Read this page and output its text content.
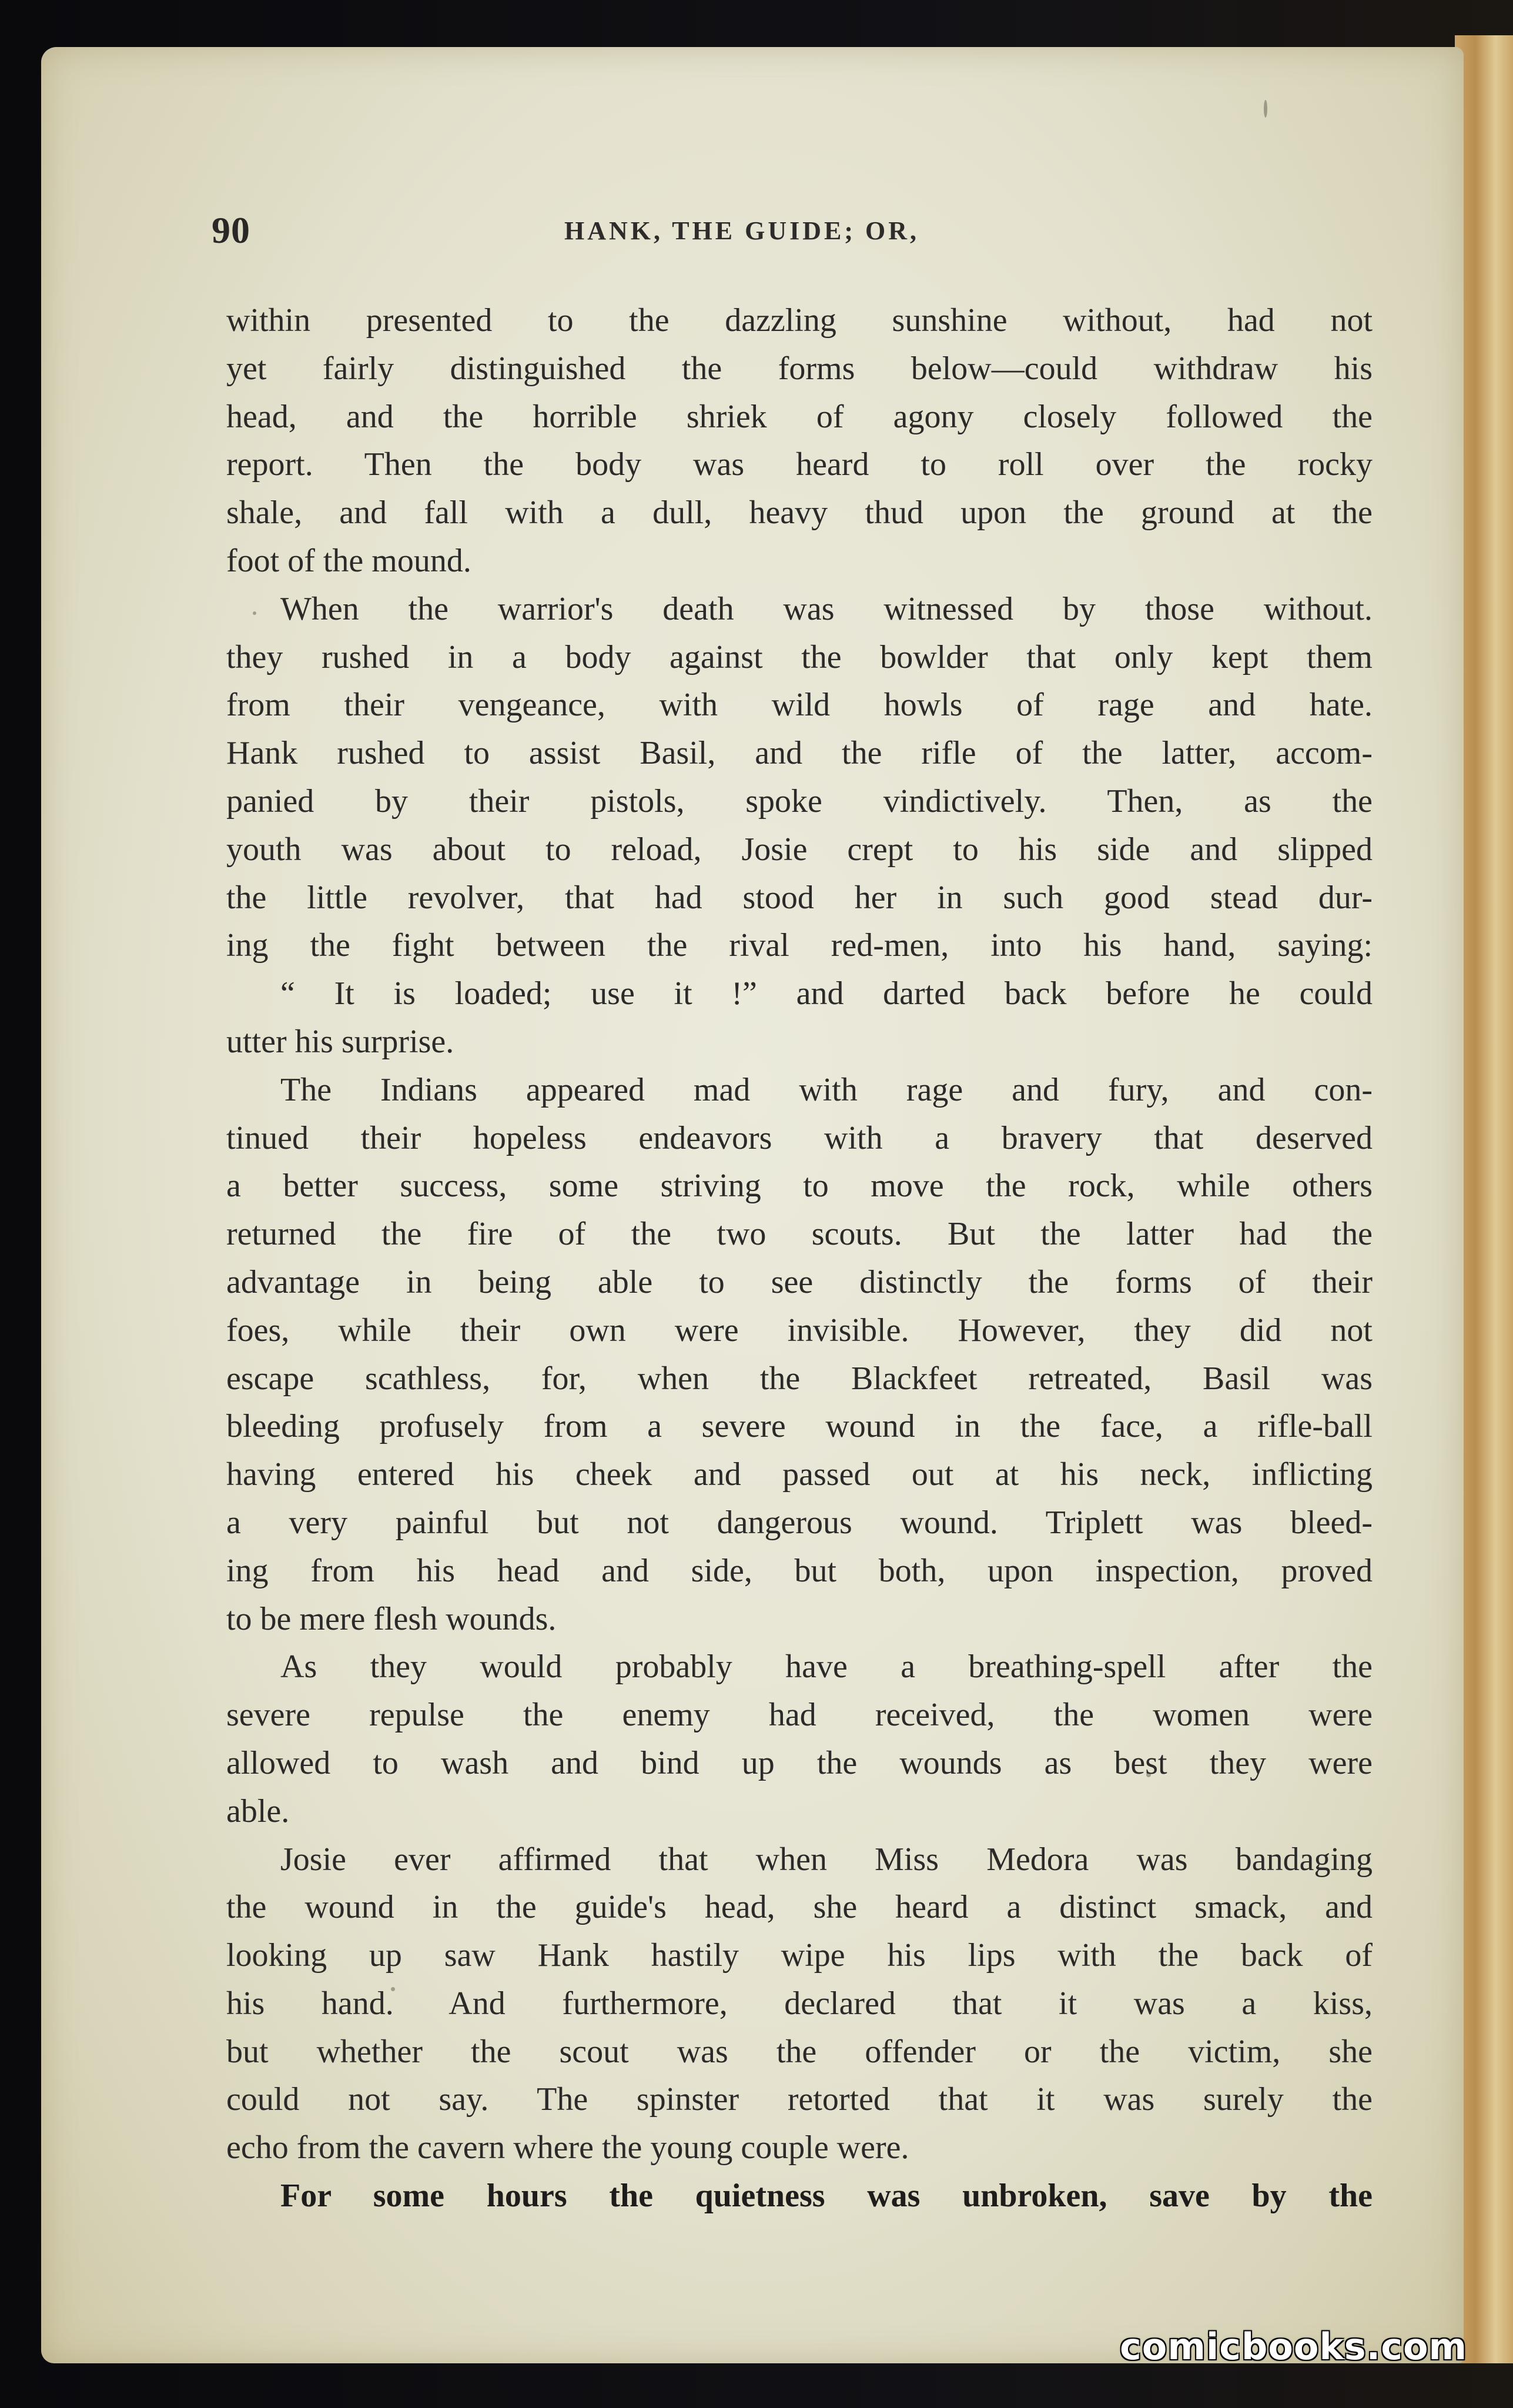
90	HANK, THE GUIDE; OR,
within presented to the dazzling sunshine without, had not
yet fairly distinguished the forms below—could withdraw his
head, and the horrible shriek of agony closely followed the
report. Then the body was heard to roll over the rocky
shale, and fall with a dull, heavy thud upon the ground at the
foot of the mound.
When the warrior's death was witnessed by those without.
they rushed in a body against the bowlder that only kept them
from their vengeance, with wild howls of rage and hate.
Hank rushed to assist Basil, and the rifle of the latter, accom-
panied by their pistols, spoke vindictively. Then, as the
youth was about to reload, Josie crept to his side and slipped
the little revolver, that had stood her in such good stead dur-
ing the fight between the rival red-men, into his hand, saying:
“ It is loaded; use it !” and darted back before he could
utter his surprise.
The Indians appeared mad with rage and fury, and con-
tinued their hopeless endeavors with a bravery that deserved
a better success, some striving to move the rock, while others
returned the fire of the two scouts. But the latter had the
advantage in being able to see distinctly the forms of their
foes, while their own were invisible. However, they did not
escape scathless, for, when the Blackfeet retreated, Basil was
bleeding profusely from a severe wound in the face, a rifle-ball
having entered his cheek and passed out at his neck, inflicting
a very painful but not dangerous wound. Triplett was bleed-
ing from his head and side, but both, upon inspection, proved
to be mere flesh wounds.
As they would probably have a breathing-spell after the
severe repulse the enemy had received, the women were
allowed to wash and bind up the wounds as best they were
able.
Josie ever affirmed that when Miss Medora was bandaging
the wound in the guide's head, she heard a distinct smack, and
looking up saw Hank hastily wipe his lips with the back of
his hand. And furthermore, declared that it was a kiss,
but whether the scout was the offender or the victim, she
could not say. The spinster retorted that it was surely the
echo from the cavern where the young couple were.
For some hours the quietness was unbroken, save by the
comicbooks.com
